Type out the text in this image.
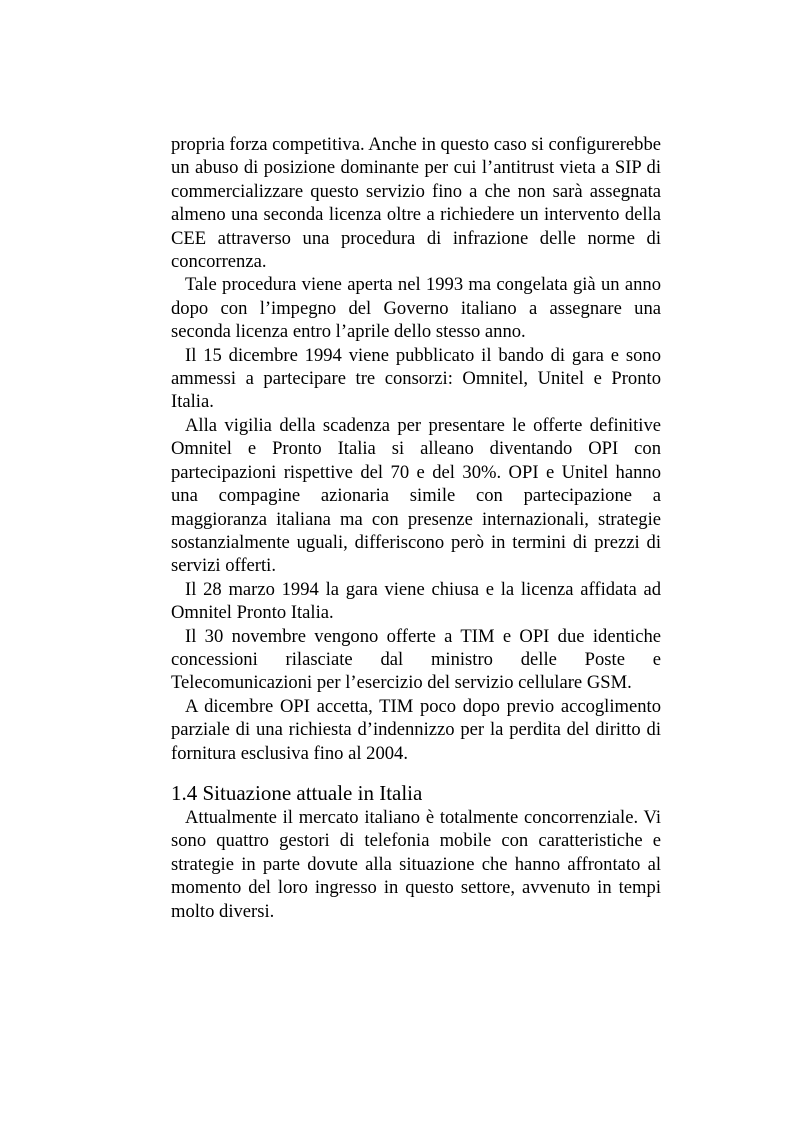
propria forza competitiva. Anche in questo caso si configurerebbe un abuso di posizione dominante per cui l’antitrust vieta a SIP di commercializzare questo servizio fino a che non sarà assegnata almeno una seconda licenza oltre a richiedere un intervento della CEE attraverso una procedura di infrazione delle norme di concorrenza.

Tale procedura viene aperta nel 1993 ma congelata già un anno dopo con l’impegno del Governo italiano a assegnare una seconda licenza entro l’aprile dello stesso anno.

Il 15 dicembre 1994 viene pubblicato il bando di gara e sono ammessi a partecipare tre consorzi: Omnitel, Unitel e Pronto Italia.

Alla vigilia della scadenza per presentare le offerte definitive Omnitel e Pronto Italia si alleano diventando OPI con partecipazioni rispettive del 70 e del 30%. OPI e Unitel hanno una compagine azionaria simile con partecipazione a maggioranza italiana ma con presenze internazionali, strategie sostanzialmente uguali, differiscono però in termini di prezzi di servizi offerti.

Il 28 marzo 1994 la gara viene chiusa e la licenza affidata ad Omnitel Pronto Italia.

Il 30 novembre vengono offerte a TIM e OPI due identiche concessioni rilasciate dal ministro delle Poste e Telecomunicazioni per l’esercizio del servizio cellulare GSM.

A dicembre OPI accetta, TIM poco dopo previo accoglimento parziale di una richiesta d’indennizzo per la perdita del diritto di fornitura esclusiva fino al 2004.

1.4 Situazione attuale in Italia

Attualmente il mercato italiano è totalmente concorrenziale. Vi sono quattro gestori di telefonia mobile con caratteristiche e strategie in parte dovute alla situazione che hanno affrontato al momento del loro ingresso in questo settore, avvenuto in tempi molto diversi.
